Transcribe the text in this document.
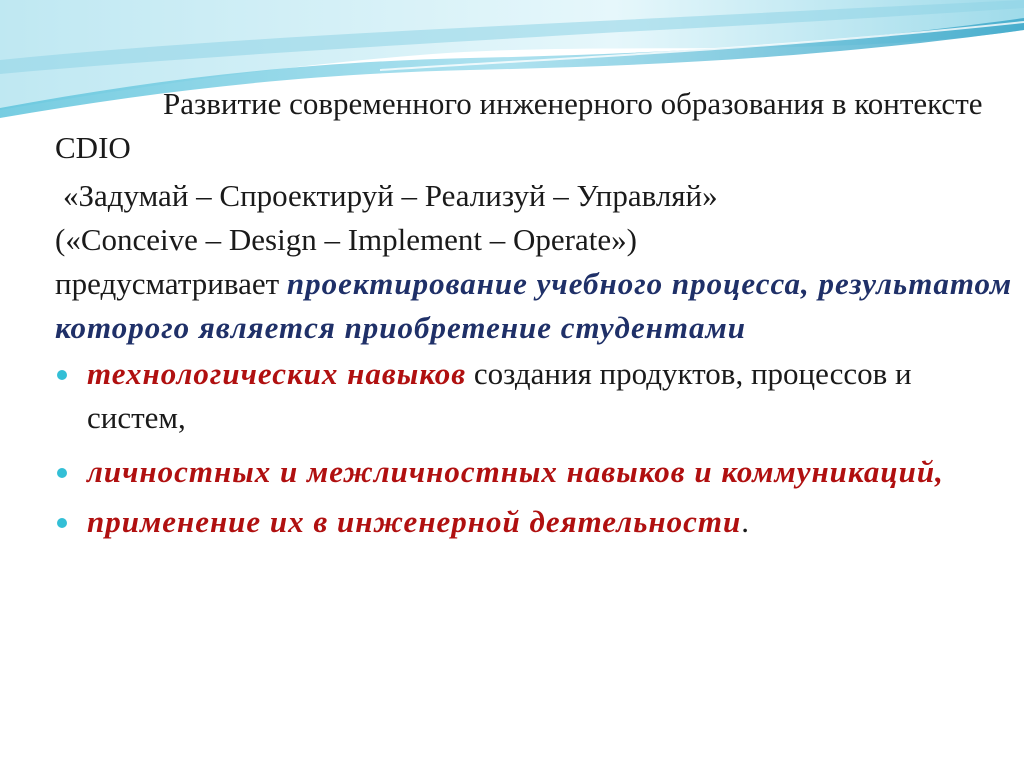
Развитие современного инженерного образования в контексте CDIO

«Задумай – Спроектируй – Реализуй – Управляй»
(«Conceive – Design – Implement – Operate»)
предусматривает проектирование учебного процесса, результатом которого является приобретение студентами

технологических навыков создания продуктов, процессов и систем,
личностных и межличностных навыков и коммуникаций,
применение их в инженерной деятельности.
